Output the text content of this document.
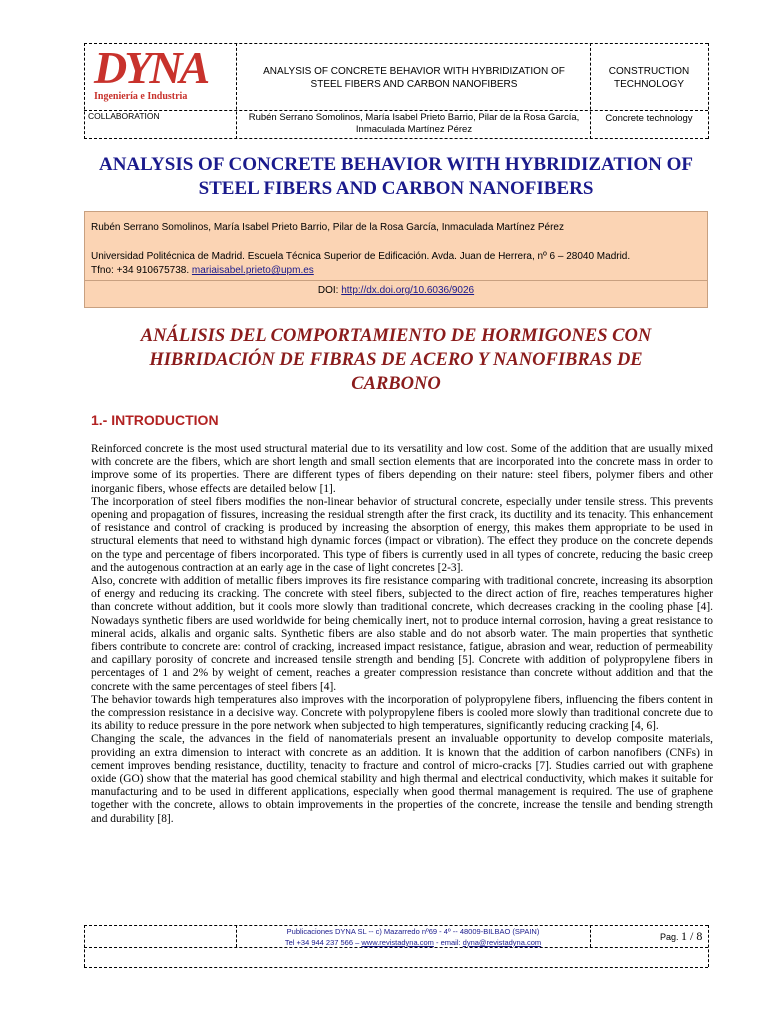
DYNA
Ingeniería e Industria
ANALYSIS OF CONCRETE BEHAVIOR WITH HYBRIDIZATION OF STEEL FIBERS AND CARBON NANOFIBERS
CONSTRUCTION TECHNOLOGY
COLLABORATION	Rubén Serrano Somolinos, María Isabel Prieto Barrio, Pilar de la Rosa García, Inmaculada Martínez Pérez
Concrete technology
ANALYSIS OF CONCRETE BEHAVIOR WITH HYBRIDIZATION OF STEEL FIBERS AND CARBON NANOFIBERS
Rubén Serrano Somolinos, María Isabel Prieto Barrio, Pilar de la Rosa García, Inmaculada Martínez Pérez
Universidad Politécnica de Madrid. Escuela Técnica Superior de Edificación. Avda. Juan de Herrera, nº 6 – 28040 Madrid.
Tfno: +34 910675738. mariaisabel.prieto@upm.es
DOI: http://dx.doi.org/10.6036/9026
ANÁLISIS DEL COMPORTAMIENTO DE HORMIGONES CON HIBRIDACIÓN DE FIBRAS DE ACERO Y NANOFIBRAS DE CARBONO
1.- INTRODUCTION

Reinforced concrete is the most used structural material due to its versatility and low cost. Some of the addition that are usually mixed with concrete are the fibers, which are short length and small section elements that are incorporated into the concrete mass in order to improve some of its properties. There are different types of fibers depending on their nature: steel fibers, polymer fibers and other inorganic fibers, whose effects are detailed below [1].

The incorporation of steel fibers modifies the non-linear behavior of structural concrete, especially under tensile stress. This prevents opening and propagation of fissures, increasing the residual strength after the first crack, its ductility and its tenacity. This enhancement of resistance and control of cracking is produced by increasing the absorption of energy, this makes them appropriate to be used in structural elements that need to withstand high dynamic forces (impact or vibration). The effect they produce on the concrete depends on the type and percentage of fibers incorporated. This type of fibers is currently used in all types of concrete, reducing the basic creep and the autogenous contraction at an early age in the case of light concretes [2-3].

Also, concrete with addition of metallic fibers improves its fire resistance comparing with traditional concrete, increasing its absorption of energy and reducing its cracking. The concrete with steel fibers, subjected to the direct action of fire, reaches temperatures higher than concrete without addition, but it cools more slowly than traditional concrete, which decreases cracking in the cooling phase [4]. Nowadays synthetic fibers are used worldwide for being chemically inert, not to produce internal corrosion, having a great resistance to mineral acids, alkalis and organic salts. Synthetic fibers are also stable and do not absorb water. The main properties that synthetic fibers contribute to concrete are: control of cracking, increased impact resistance, fatigue, abrasion and wear, reduction of permeability and capillary porosity of concrete and increased tensile strength and bending [5]. Concrete with addition of polypropylene fibers in percentages of 1 and 2% by weight of cement, reaches a greater compression resistance than concrete without addition and that the concrete with the same percentages of steel fibers [4].

The behavior towards high temperatures also improves with the incorporation of polypropylene fibers, influencing the fibers content in the compression resistance in a decisive way. Concrete with polypropylene fibers is cooled more slowly than traditional concrete due to its ability to reduce pressure in the pore network when subjected to high temperatures, significantly reducing cracking [4, 6].

Changing the scale, the advances in the field of nanomaterials present an invaluable opportunity to develop composite materials, providing an extra dimension to interact with concrete as an addition. It is known that the addition of carbon nanofibers (CNFs) in cement improves bending resistance, ductility, tenacity to fracture and control of micro-cracks [7]. Studies carried out with graphene oxide (GO) show that the material has good chemical stability and high thermal and electrical conductivity, which makes it suitable for manufacturing and to be used in different applications, especially when good thermal management is required. The use of graphene together with the concrete, allows to obtain improvements in the properties of the concrete, increase the tensile and bending strength and durability [8].

Publicaciones DYNA SL -- c) Mazarredo nº69 - 4º -- 48009-BILBAO (SPAIN)
Tel +34 944 237 566 – www.revistadyna.com - email: dyna@revistadyna.com
Pag. 1 / 8
